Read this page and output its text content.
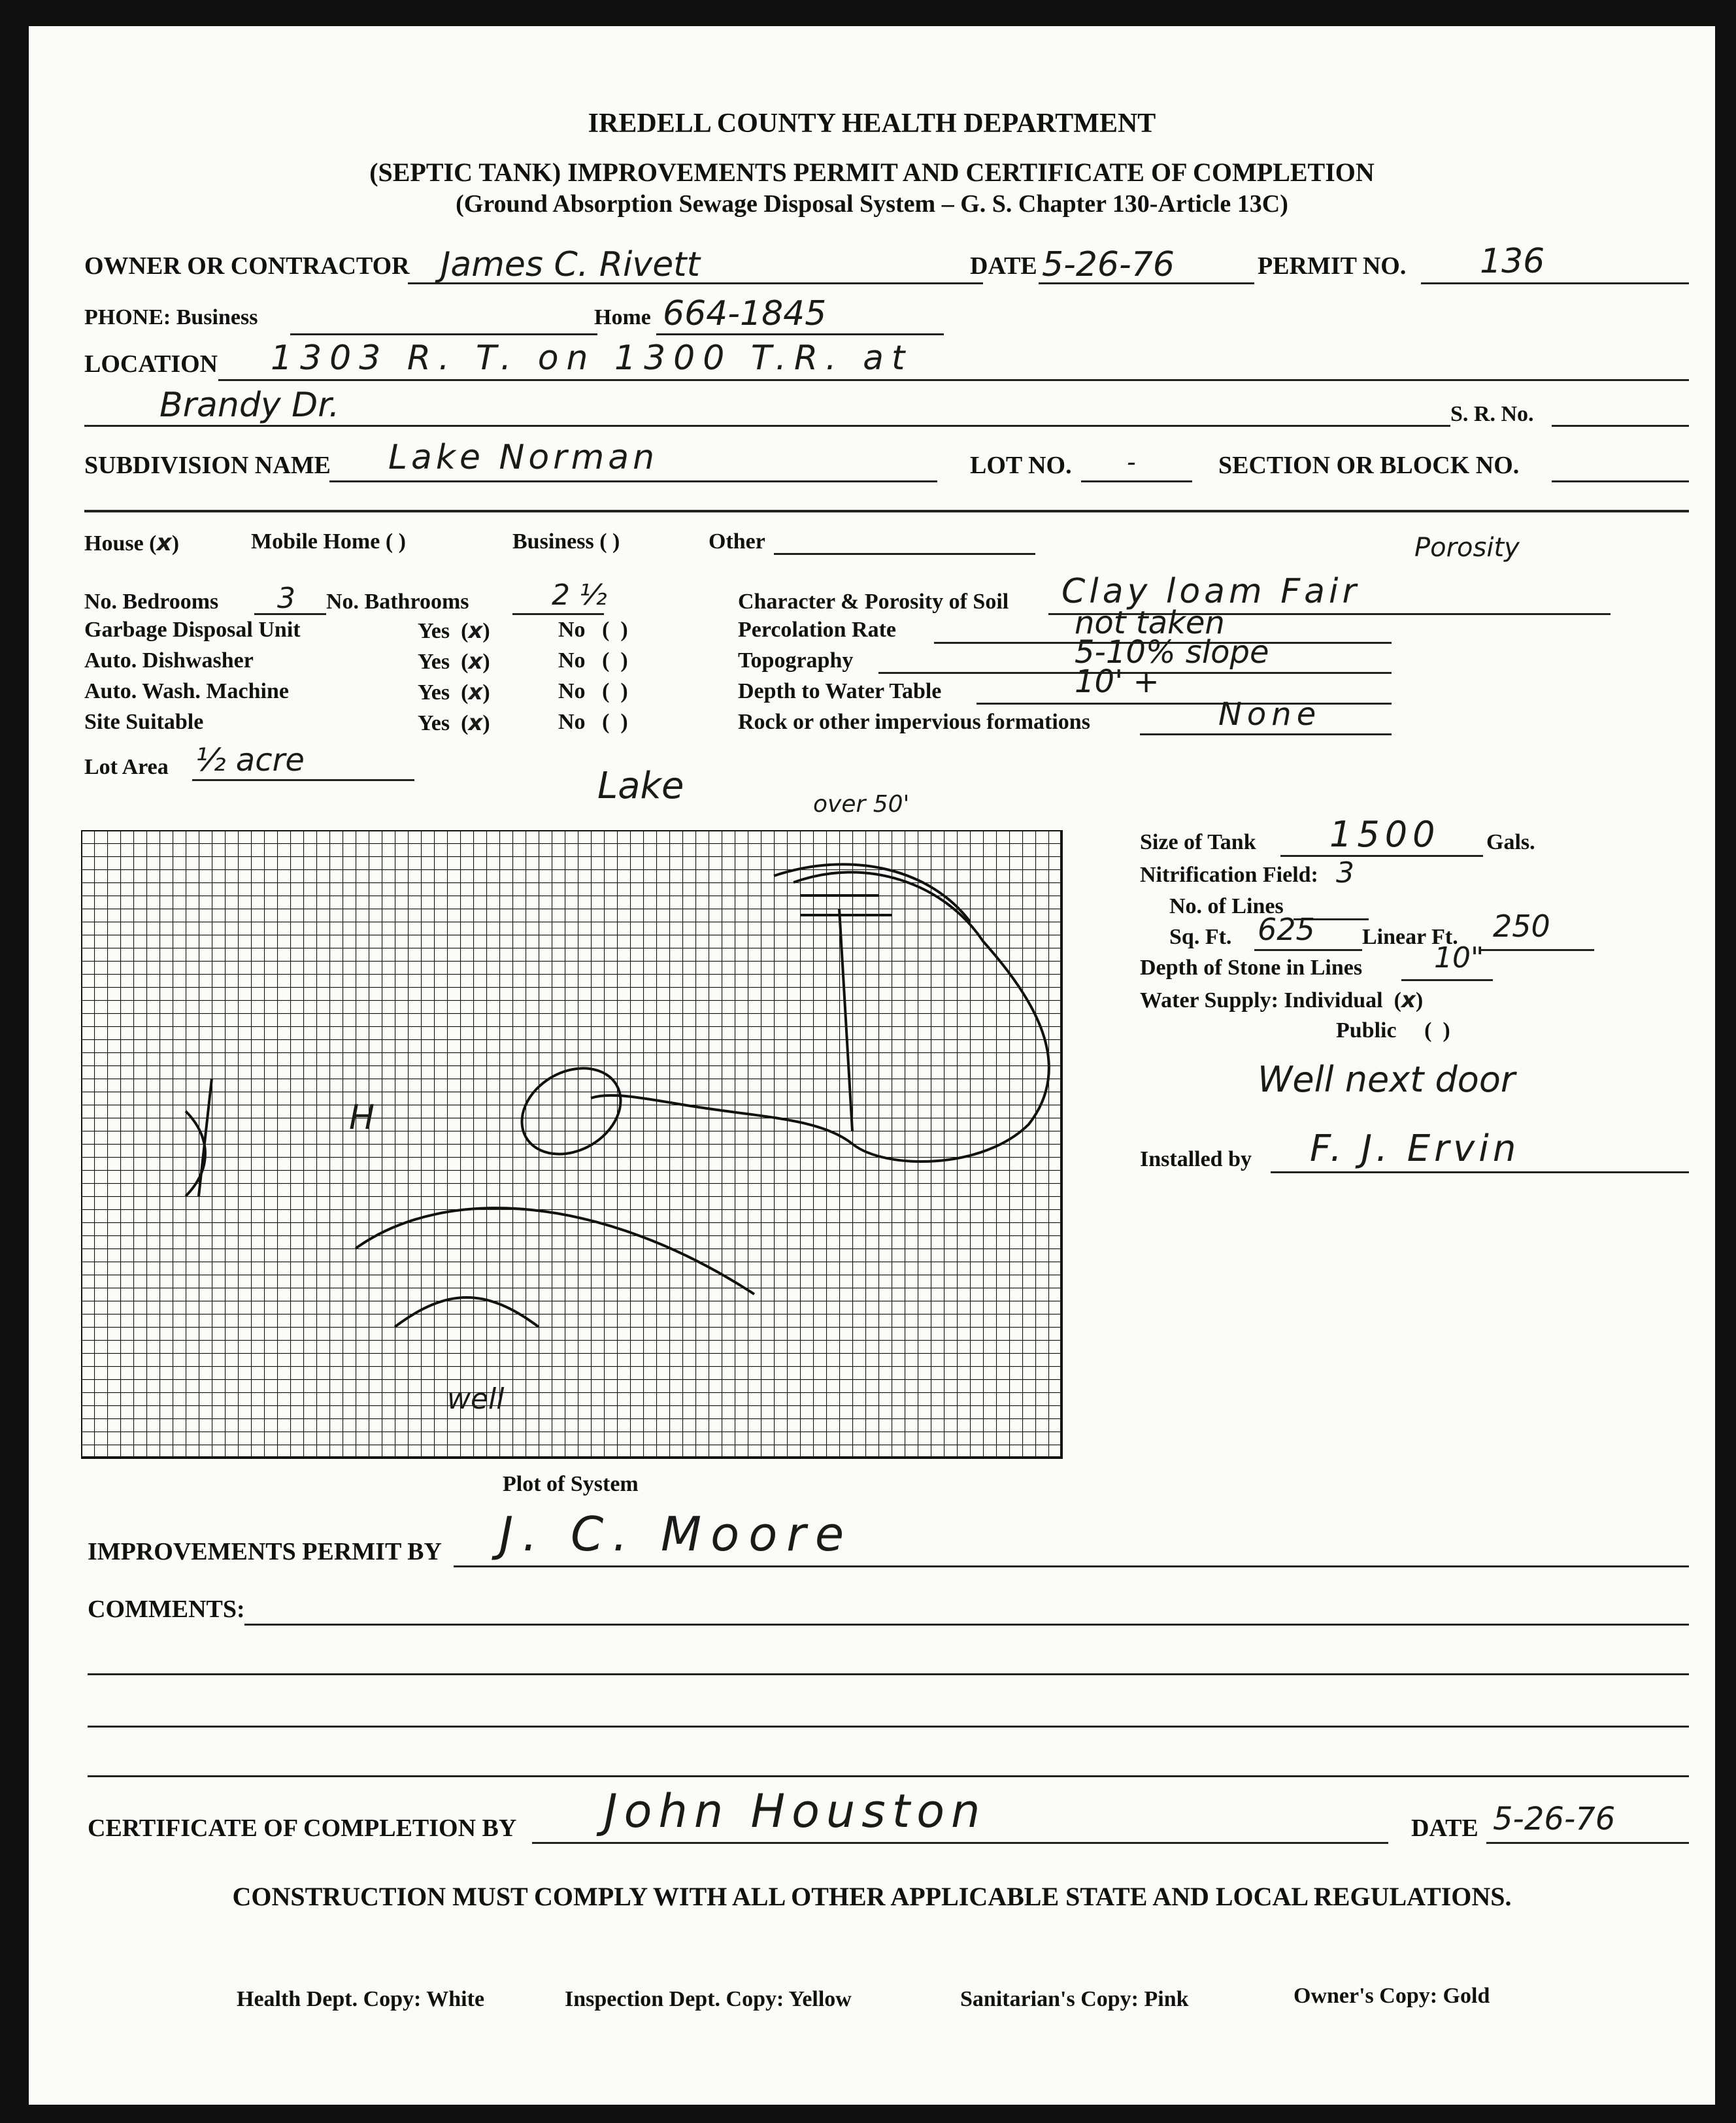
IREDELL COUNTY HEALTH DEPARTMENT
(SEPTIC TANK) IMPROVEMENTS PERMIT AND CERTIFICATE OF COMPLETION
(Ground Absorption Sewage Disposal System – G. S. Chapter 130-Article 13C)
OWNER OR CONTRACTOR James C. Rivett	DATE 5-26-76	PERMIT NO. 136
PHONE: Business	Home 664-1845
LOCATION 1303 R. T. on 1300 T.R. at
Brandy Dr.	S. R. No.
SUBDIVISION NAME Lake Norman	LOT NO. -	SECTION OR BLOCK NO.
House (x)	Mobile Home ( )	Business ( )	Other	Porosity
No. Bedrooms 3 No. Bathrooms	2 ½
Garbage Disposal Unit	Yes  (x)	No   (  )
Auto. Dishwasher	Yes  (x)	No   (  )
Auto. Wash. Machine	Yes  (x)	No   (  )
Site Suitable	Yes  (x)	No   (  )
Character & Porosity of Soil Clay loam Fair
Percolation Rate	not taken
Topography	5-10% slope
Depth to Water Table	10' +
Rock or other impervious formations	None
Lot Area ½ acre
Lake	over 50'
H
well
Plot of System
Size of Tank 1500 Gals.
Nitrification Field: 3
No. of Lines
Sq. Ft. 625 Linear Ft. 250
Depth of Stone in Lines 10"
Water Supply: Individual  (x)
Public     (  )
Well next door
Installed by F. J. Ervin
IMPROVEMENTS PERMIT BY J. C. Moore
COMMENTS:
CERTIFICATE OF COMPLETION BY John Houston	DATE 5-26-76
CONSTRUCTION MUST COMPLY WITH ALL OTHER APPLICABLE STATE AND LOCAL REGULATIONS.
Health Dept. Copy: White	Inspection Dept. Copy: Yellow	Sanitarian's Copy: Pink	Owner's Copy: Gold
